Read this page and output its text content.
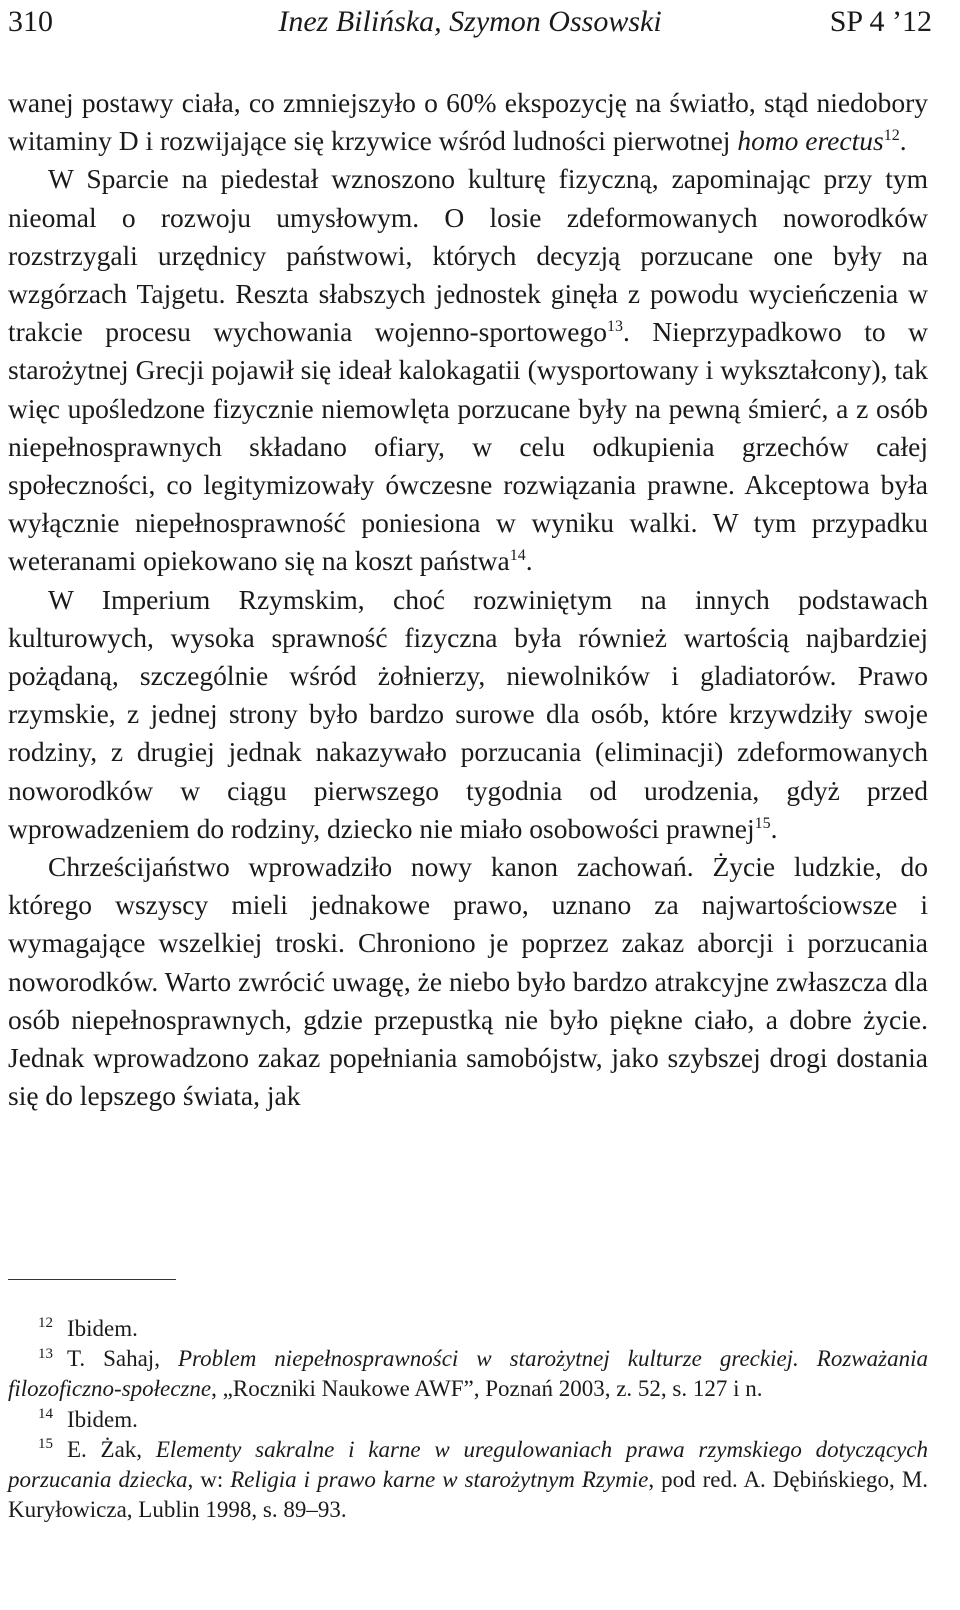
310	Inez Bilińska, Szymon Ossowski	SP 4 ’12

wanej postawy ciała, co zmniejszyło o 60% ekspozycję na światło, stąd niedobory witaminy D i rozwijające się krzywice wśród ludności pierwotnej homo erectus$^{12}$.

W Sparcie na piedestał wznoszono kulturę fizyczną, zapominając przy tym nieomal o rozwoju umysłowym. O losie zdeformowanych noworodków rozstrzygali urzędnicy państwowi, których decyzją porzucane one były na wzgórzach Tajgetu. Reszta słabszych jednostek ginęła z powodu wycieńczenia w trakcie procesu wychowania wojenno-sportowego$^{13}$. Nieprzypadkowo to w starożytnej Grecji pojawił się ideał kalokagatii (wysportowany i wykształcony), tak więc upośledzone fizycznie niemowlęta porzucane były na pewną śmierć, a z osób niepełnosprawnych składano ofiary, w celu odkupienia grzechów całej społeczności, co legitymizowały ówczesne rozwiązania prawne. Akceptowa była wyłącznie niepełnosprawność poniesiona w wyniku walki. W tym przypadku weteranami opiekowano się na koszt państwa$^{14}$.

W Imperium Rzymskim, choć rozwiniętym na innych podstawach kulturowych, wysoka sprawność fizyczna była również wartością najbardziej pożądaną, szczególnie wśród żołnierzy, niewolników i gladiatorów. Prawo rzymskie, z jednej strony było bardzo surowe dla osób, które krzywdziły swoje rodziny, z drugiej jednak nakazywało porzucania (eliminacji) zdeformowanych noworodków w ciągu pierwszego tygodnia od urodzenia, gdyż przed wprowadzeniem do rodziny, dziecko nie miało osobowości prawnej$^{15}$.

Chrześcijaństwo wprowadziło nowy kanon zachowań. Życie ludzkie, do którego wszyscy mieli jednakowe prawo, uznano za najwartościowsze i wymagające wszelkiej troski. Chroniono je poprzez zakaz aborcji i porzucania noworodków. Warto zwrócić uwagę, że niebo było bardzo atrakcyjne zwłaszcza dla osób niepełnosprawnych, gdzie przepustką nie było piękne ciało, a dobre życie. Jednak wprowadzono zakaz popełniania samobójstw, jako szybszej drogi dostania się do lepszego świata, jak

$^{12}$ Ibidem.

$^{13}$ T. Sahaj, Problem niepełnosprawności w starożytnej kulturze greckiej. Rozważania filozoficzno-społeczne, „Roczniki Naukowe AWF”, Poznań 2003, z. 52, s. 127 i n.

$^{14}$ Ibidem.

$^{15}$ E. Żak, Elementy sakralne i karne w uregulowaniach prawa rzymskiego dotyczących porzucania dziecka, w: Religia i prawo karne w starożytnym Rzymie, pod red. A. Dębińskiego, M. Kuryłowicza, Lublin 1998, s. 89–93.
